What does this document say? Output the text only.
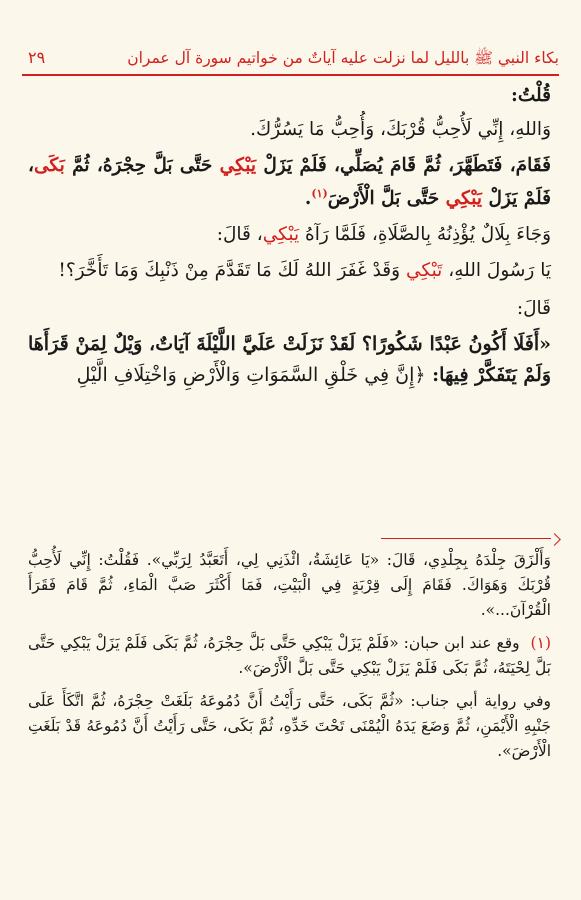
بكاء النبي ﷺ بالليل لما نزلت عليه آياتٌ من خواتيم سورة آل عمران
٢٩

قُلْتُ:

وَاللهِ، إِنِّي لَأُحِبُّ قُرْبَكَ، وَأُحِبُّ مَا يَسُرُّكَ.

فَقَامَ، فَتَطَهَّرَ، ثُمَّ قَامَ يُصَلِّي، فَلَمْ يَزَلْ يَبْكِي حَتَّى بَلَّ حِجْرَهُ، ثُمَّ بَكَى، فَلَمْ يَزَلْ يَبْكِي حَتَّى بَلَّ الْأَرْضَ$^{(١)}$.

وَجَاءَ بِلَالٌ يُؤْذِنُهُ بِالصَّلَاةِ، فَلَمَّا رَآهُ يَبْكِي، قَالَ:

يَا رَسُولَ اللهِ، تَبْكِي وَقَدْ غَفَرَ اللهُ لَكَ مَا تَقَدَّمَ مِنْ ذَنْبِكَ وَمَا تَأَخَّرَ؟!

قَالَ:

«أَفَلَا أَكُونُ عَبْدًا شَكُورًا؟ لَقَدْ نَزَلَتْ عَلَيَّ اللَّيْلَةَ آيَاتٌ، وَيْلٌ لِمَنْ قَرَأَهَا وَلَمْ يَتَفَكَّرْ فِيهَا: ﴿إِنَّ فِي خَلْقِ السَّمَوَاتِ وَالْأَرْضِ وَاخْتِلَافِ الَّيْلِ

وَأَلْزَقَ جِلْدَهُ بِجِلْدِي، قَالَ: «يَا عَائِشَةُ، ائْذَنِي لِي، أَتَعَبَّدُ لِرَبِّي». فَقُلْتُ: إِنِّي لَأُحِبُّ قُرْبَكَ وَهَوَاكَ. فَقَامَ إِلَى قِرْبَةٍ فِي الْبَيْتِ، فَمَا أَكْثَرَ صَبَّ الْمَاءِ، ثُمَّ قَامَ فَقَرَأَ الْقُرْآنَ...».

(١) وقع عند ابن حبان: «فَلَمْ يَزَلْ يَبْكِي حَتَّى بَلَّ حِجْرَهُ، ثُمَّ بَكَى فَلَمْ يَزَلْ يَبْكِي حَتَّى بَلَّ لِحْيَتَهُ، ثُمَّ بَكَى فَلَمْ يَزَلْ يَبْكِي حَتَّى بَلَّ الْأَرْضَ».

وفي رواية أبي جناب: «ثُمَّ بَكَى، حَتَّى رَأَيْتُ أَنَّ دُمُوعَهُ بَلَغَتْ حِجْرَهُ، ثُمَّ اتَّكَأَ عَلَى جَنْبِهِ الْأَيْمَنِ، ثُمَّ وَضَعَ يَدَهُ الْيُمْنَى تَحْتَ خَدِّهِ، ثُمَّ بَكَى، حَتَّى رَأَيْتُ أَنَّ دُمُوعَهُ قَدْ بَلَغَتِ الْأَرْضَ».
